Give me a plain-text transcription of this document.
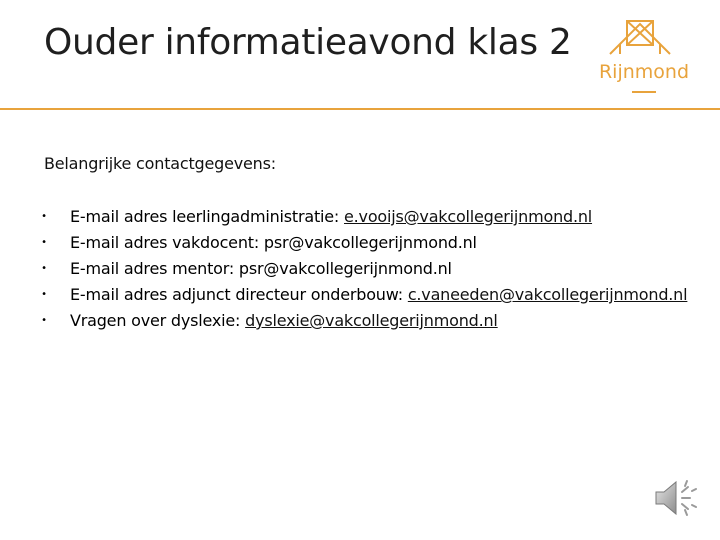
Ouder informatieavond klas 2
Rijnmond
Belangrijke contactgegevens:
•	E-mail adres leerlingadministratie: e.vooijs@vakcollegerijnmond.nl
•	E-mail adres vakdocent: psr@vakcollegerijnmond.nl
•	E-mail adres mentor: psr@vakcollegerijnmond.nl
•	E-mail adres adjunct directeur onderbouw: c.vaneeden@vakcollegerijnmond.nl
•	Vragen over dyslexie: dyslexie@vakcollegerijnmond.nl
